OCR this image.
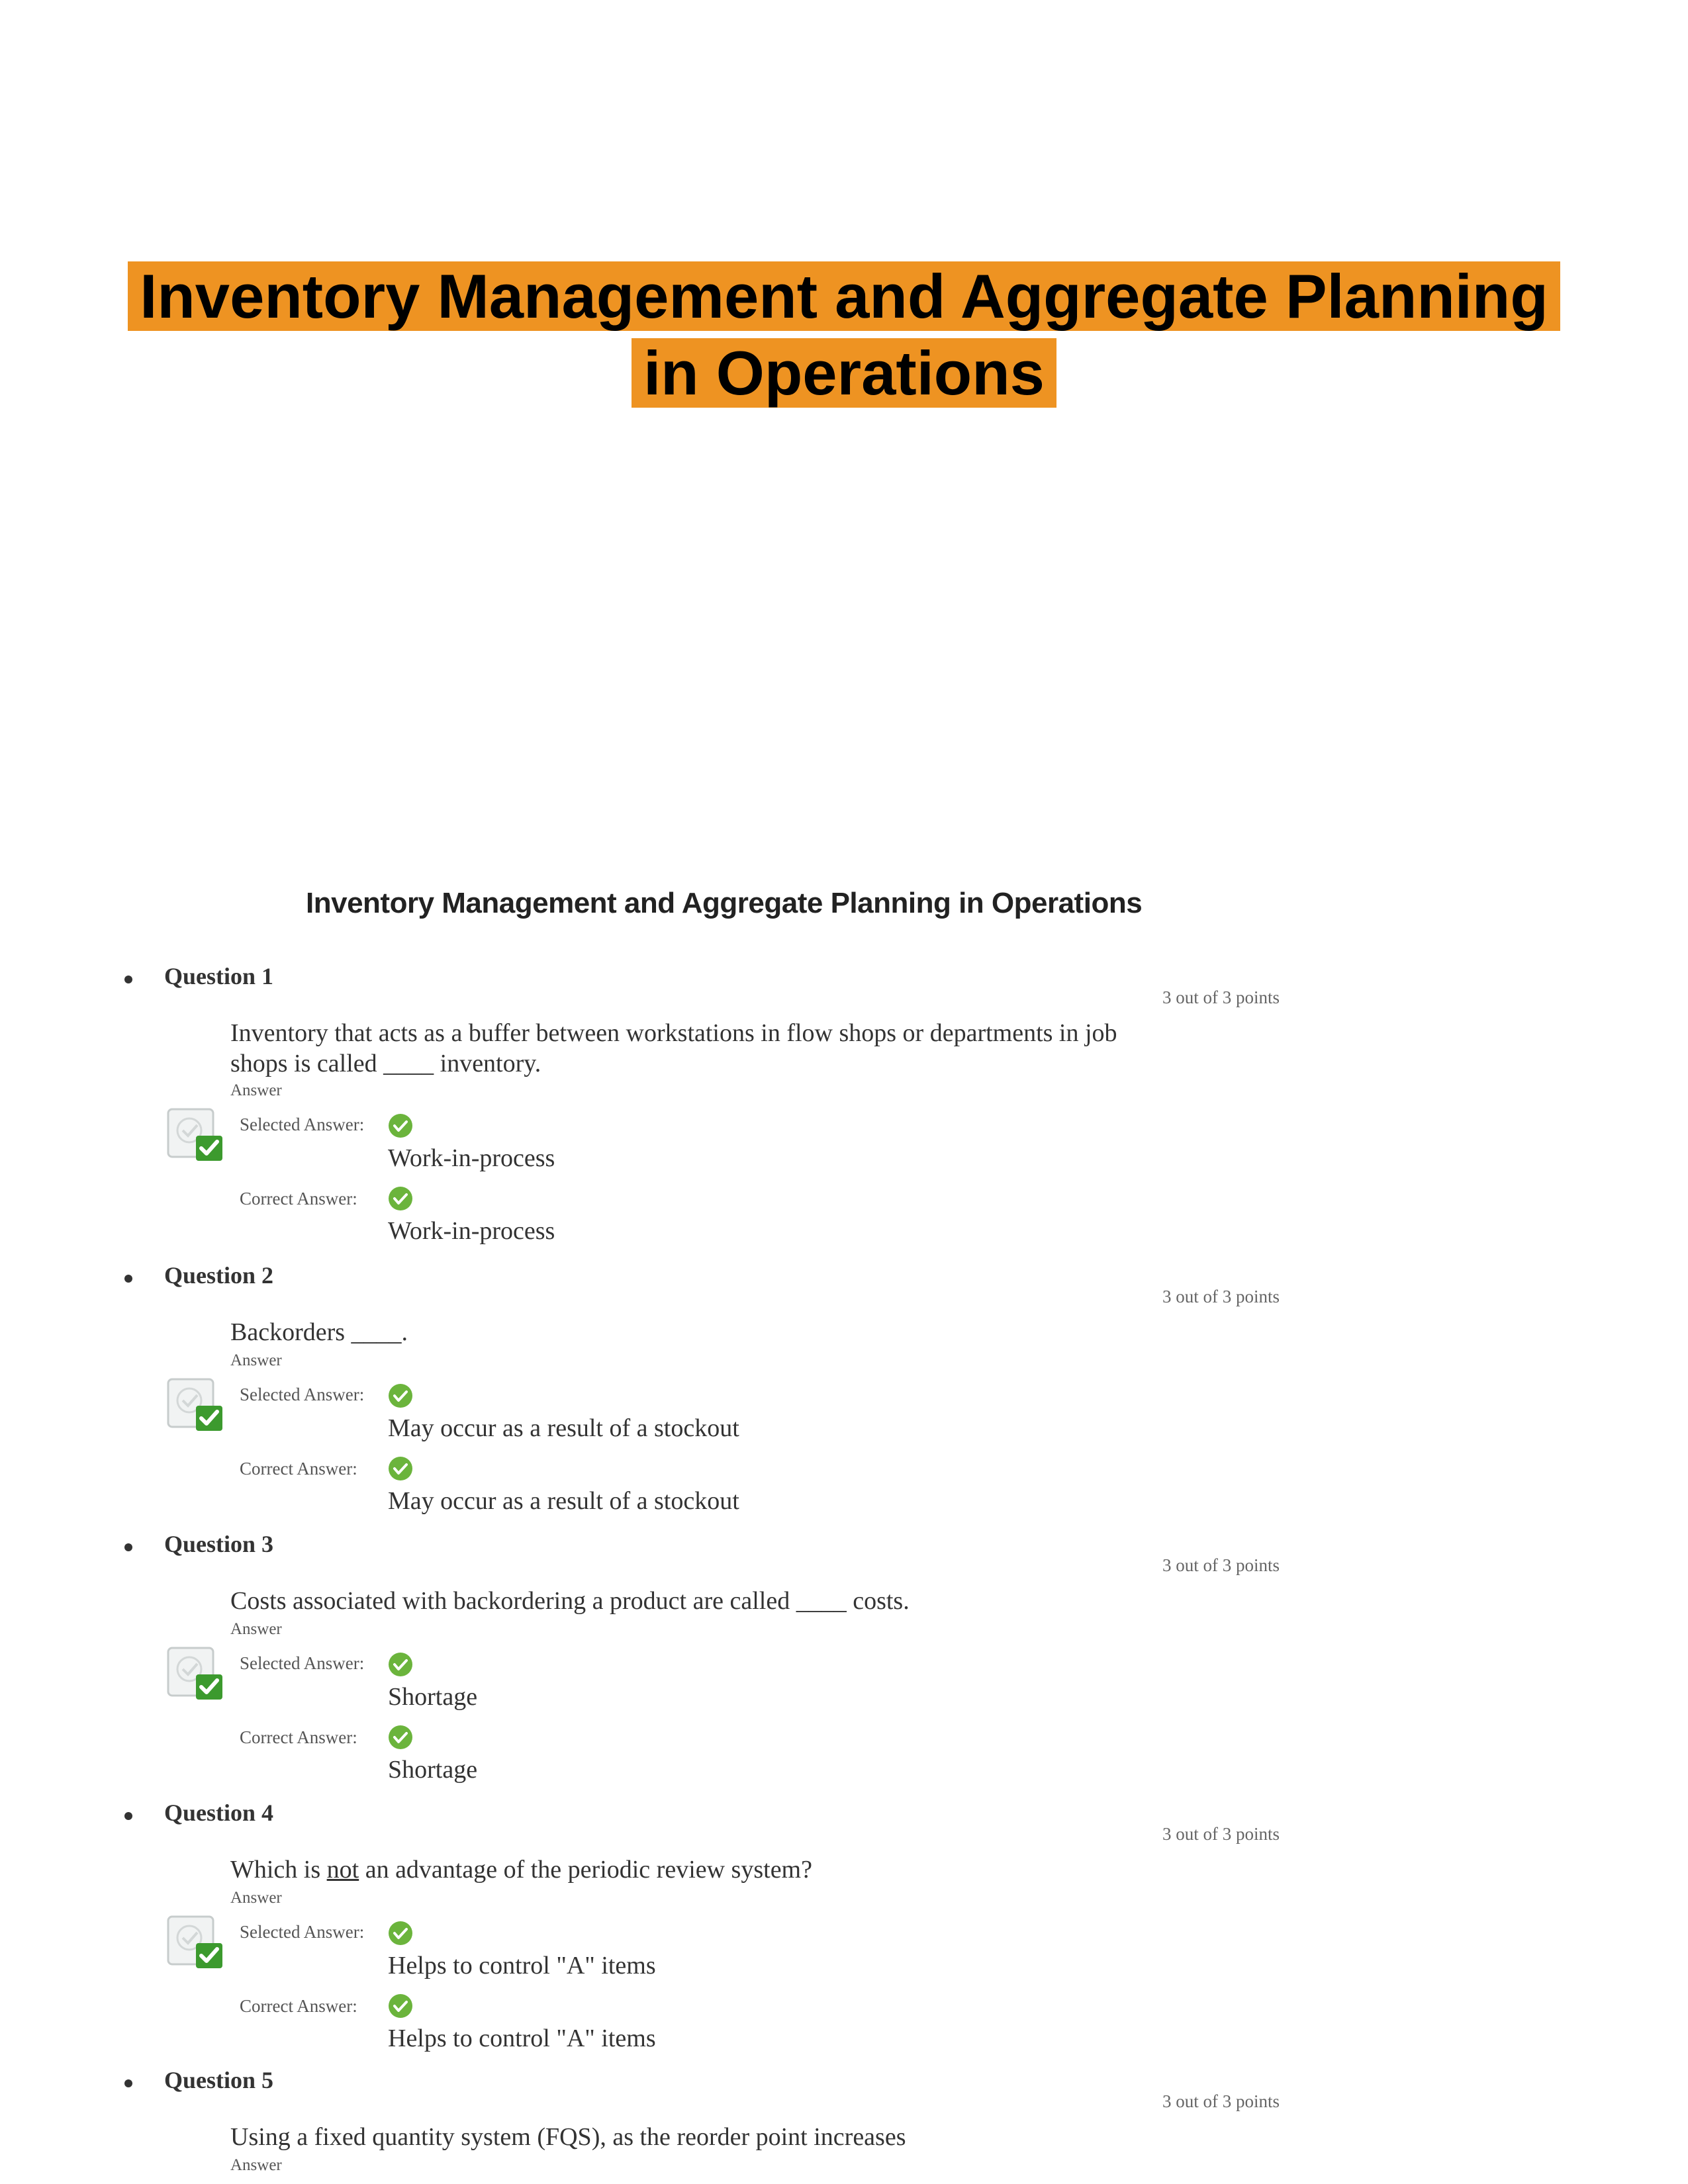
Inventory Management and Aggregate Planning
in Operations
Inventory Management and Aggregate Planning in Operations
Question 1
3 out of 3 points
Inventory that acts as a buffer between workstations in flow shops or departments in job shops is called ____ inventory.
Answer
Selected Answer:
Work-in-process
Correct Answer:
Work-in-process
Question 2
3 out of 3 points
Backorders ____.
Answer
Selected Answer:
May occur as a result of a stockout
Correct Answer:
May occur as a result of a stockout
Question 3
3 out of 3 points
Costs associated with backordering a product are called ____ costs.
Answer
Selected Answer:
Shortage
Correct Answer:
Shortage
Question 4
3 out of 3 points
Which is not an advantage of the periodic review system?
Answer
Selected Answer:
Helps to control "A" items
Correct Answer:
Helps to control "A" items
Question 5
3 out of 3 points
Using a fixed quantity system (FQS), as the reorder point increases
Answer
